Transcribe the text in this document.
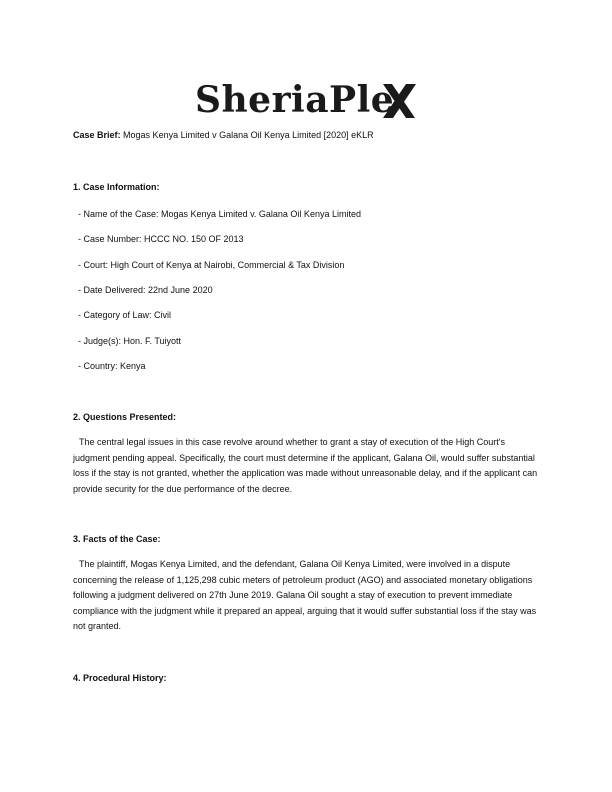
SheriaPle
Case Brief: Mogas Kenya Limited v Galana Oil Kenya Limited [2020] eKLR
1. Case Information:
- Name of the Case: Mogas Kenya Limited v. Galana Oil Kenya Limited
- Case Number: HCCC NO. 150 OF 2013
- Court: High Court of Kenya at Nairobi, Commercial & Tax Division
- Date Delivered: 22nd June 2020
- Category of Law: Civil
- Judge(s): Hon. F. Tuiyott
- Country: Kenya
2. Questions Presented:
The central legal issues in this case revolve around whether to grant a stay of execution of the High Court's judgment pending appeal. Specifically, the court must determine if the applicant, Galana Oil, would suffer substantial loss if the stay is not granted, whether the application was made without unreasonable delay, and if the applicant can provide security for the due performance of the decree.
3. Facts of the Case:
The plaintiff, Mogas Kenya Limited, and the defendant, Galana Oil Kenya Limited, were involved in a dispute concerning the release of 1,125,298 cubic meters of petroleum product (AGO) and associated monetary obligations following a judgment delivered on 27th June 2019. Galana Oil sought a stay of execution to prevent immediate compliance with the judgment while it prepared an appeal, arguing that it would suffer substantial loss if the stay was not granted.
4. Procedural History:
